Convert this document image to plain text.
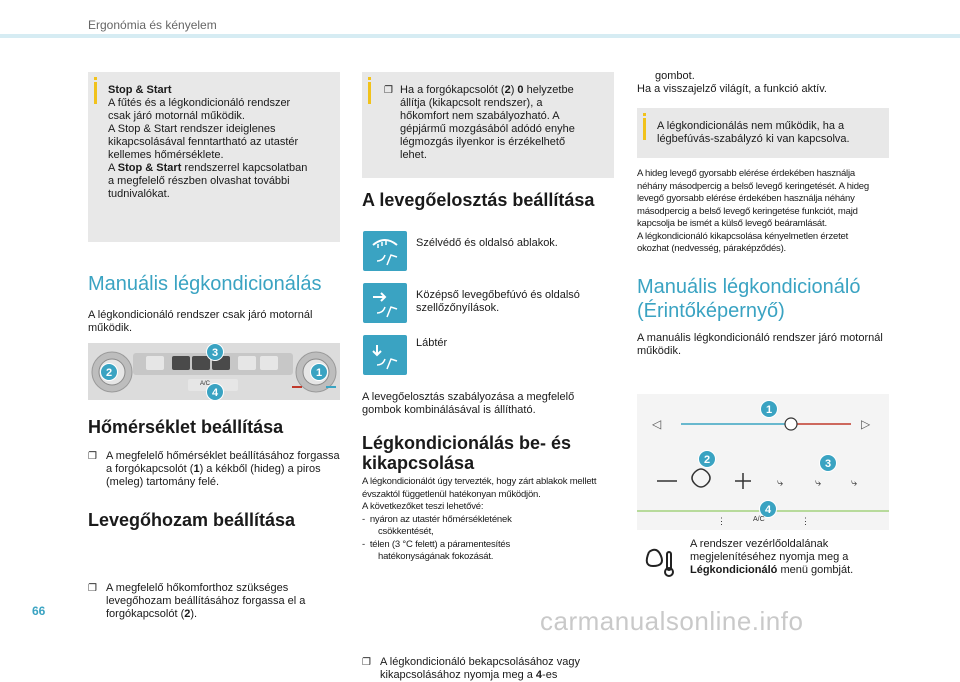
Ergonómia és kényelem
Stop & Start
A fűtés és a légkondicionáló rendszer
csak járó motornál működik.
A Stop & Start rendszer ideiglenes
kikapcsolásával fenntartható az utastér
kellemes hőmérséklete.
A Stop & Start rendszerrel kapcsolatban
a megfelelő részben olvashat további
tudnivalókat.
Manuális légkondicionálás
A légkondicionáló rendszer csak járó motornál működik.
2	1
3
4
A/C
Hőmérséklet beállítása
❐ A megfelelő hőmérséklet beállításához forgassa a forgókapcsolót (1) a kékből (hideg) a piros (meleg) tartomány felé.
Levegőhozam beállítása
❐ A megfelelő hőkomforthoz szükséges levegőhozam beállításához forgassa el a forgókapcsolót (2).
❐ Ha a forgókapcsolót (2) 0 helyzetbe
állítja (kikapcsolt rendszer), a
hőkomfort nem szabályozható. A
gépjármű mozgásából adódó enyhe
légmozgás ilyenkor is érzékelhető
lehet.
A levegőelosztás beállítása
Szélvédő és oldalsó ablakok.
Középső levegőbefúvó és oldalsó szellőzőnyílások.
Lábtér
A levegőelosztás szabályozása a megfelelő gombok kombinálásával is állítható.
Légkondicionálás be- és
kikapcsolása
A légkondicionálót úgy tervezték, hogy zárt ablakok mellett évszaktól függetlenül hatékonyan működjön.
A következőket teszi lehetővé:
-  nyáron az utastér hőmérsékletének
csökkentését,
-  télen (3 °C felett) a páramentesítés
hatékonyságának fokozását.
❐ A légkondicionáló bekapcsolásához vagy kikapcsolásához nyomja meg a 4-es
gombot.
Ha a visszajelző világít, a funkció aktív.
A légkondicionálás nem működik, ha a
légbefúvás-szabályzó ki van kapcsolva.
A hideg levegő gyorsabb elérése érdekében használja
néhány másodpercig a belső levegő keringetését. A hideg
levegő gyorsabb elérése érdekében használja néhány
másodpercig a belső levegő keringetése funkciót, majd
kapcsolja be ismét a külső levegő beáramlását.
A légkondicionáló kikapcsolása kényelmetlen érzetet
okozhat (nedvesség, páraképződés).
Manuális légkondicionáló
(Érintőképernyő)
A manuális légkondicionáló rendszer járó motornál működik.
◁	▷
⤷	⤷	⤷
⋮	⋮
1
2	3
4
A/C
A rendszer vezérlőoldalának megjelenítéséhez nyomja meg a Légkondicionáló menü gombját.
66	carmanualsonline.info
